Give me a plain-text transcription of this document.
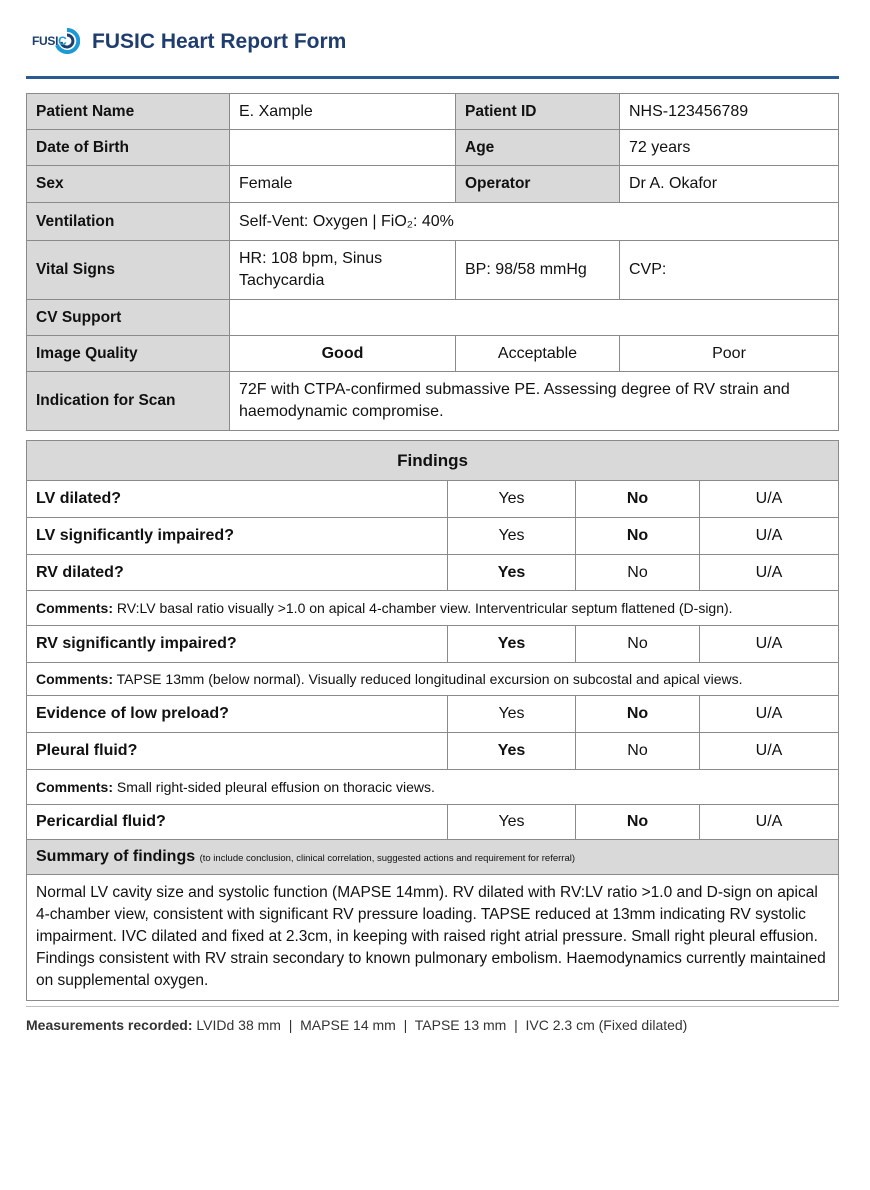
FUSIC FUSIC Heart Report Form
Patient Name	E. Xample	Patient ID	NHS-123456789
Date of Birth		Age	72 years
Sex	Female	Operator	Dr A. Okafor
Ventilation	Self-Vent: Oxygen | FiO₂: 40%		
Vital Signs	HR: 108 bpm, Sinus Tachycardia	BP: 98/58 mmHg	CVP:
CV Support			
Image Quality	Good	Acceptable	Poor
Indication for Scan	72F with CTPA-confirmed submassive PE. Assessing degree of RV strain and haemodynamic compromise.		
Findings			
LV dilated?	Yes	No	U/A
LV significantly impaired?	Yes	No	U/A
RV dilated?	Yes	No	U/A
Comments: RV:LV basal ratio visually >1.0 on apical 4-chamber view. Interventricular septum flattened (D-sign).			
RV significantly impaired?	Yes	No	U/A
Comments: TAPSE 13mm (below normal). Visually reduced longitudinal excursion on subcostal and apical views.			
Evidence of low preload?	Yes	No	U/A
Pleural fluid?	Yes	No	U/A
Comments: Small right-sided pleural effusion on thoracic views.			
Pericardial fluid?	Yes	No	U/A
Summary of findings (to include conclusion, clinical correlation, suggested actions and requirement for referral)			
Normal LV cavity size and systolic function (MAPSE 14mm). RV dilated with RV:LV ratio >1.0 and D-sign on apical 4-chamber view, consistent with significant RV pressure loading. TAPSE reduced at 13mm indicating RV systolic impairment. IVC dilated and fixed at 2.3cm, in keeping with raised right atrial pressure. Small right pleural effusion. Findings consistent with RV strain secondary to known pulmonary embolism. Haemodynamics currently maintained on supplemental oxygen.			
Measurements recorded: LVIDd 38 mm  |  MAPSE 14 mm  |  TAPSE 13 mm  |  IVC 2.3 cm (Fixed dilated)
